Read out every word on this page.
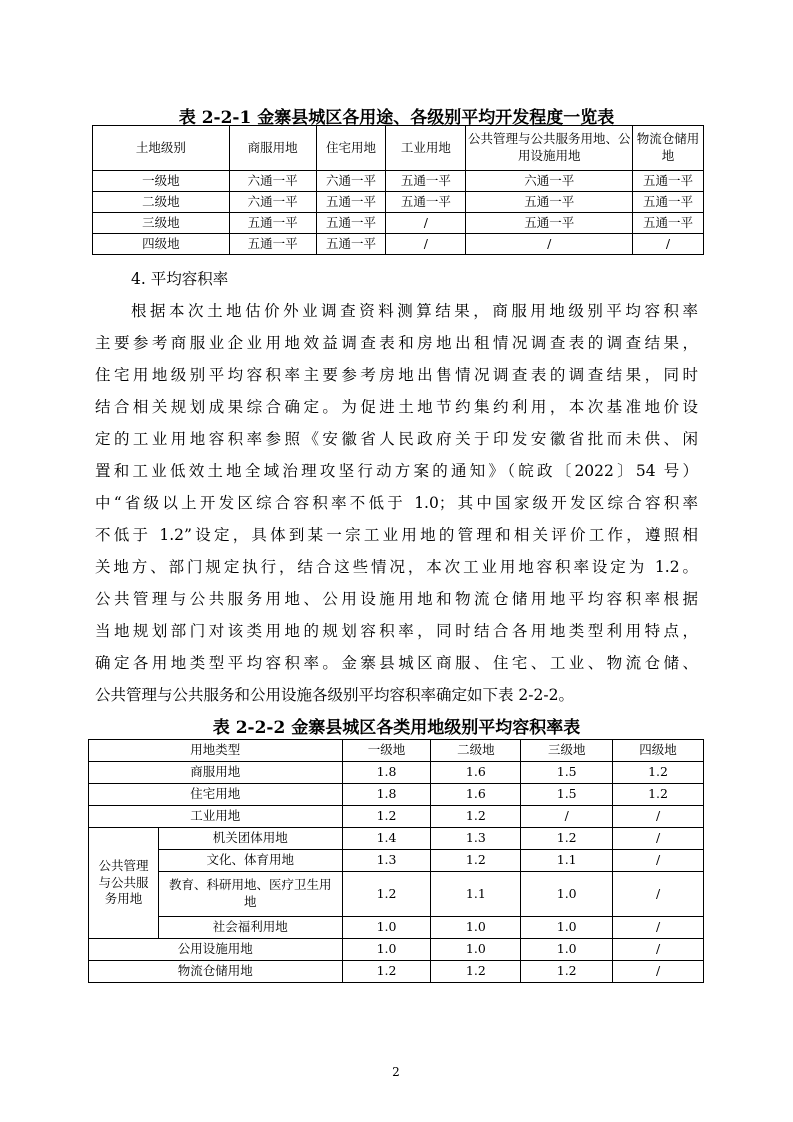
表 2-2-1 金寨县城区各用途、各级别平均开发程度一览表
土地级别	商服用地	住宅用地	工业用地	公共管理与公共服务用地、公用设施用地	物流仓储用地
一级地	六通一平	六通一平	五通一平	六通一平	五通一平
二级地	六通一平	五通一平	五通一平	五通一平	五通一平
三级地	五通一平	五通一平	/	五通一平	五通一平
四级地	五通一平	五通一平	/	/	/
4. 平均容积率
根据本次土地估价外业调查资料测算结果，商服用地级别平均容积率
主要参考商服业企业用地效益调查表和房地出租情况调查表的调查结果，
住宅用地级别平均容积率主要参考房地出售情况调查表的调查结果，同时
结合相关规划成果综合确定。为促进土地节约集约利用，本次基准地价设
定的工业用地容积率参照《安徽省人民政府关于印发安徽省批而未供、闲
置和工业低效土地全域治理攻坚行动方案的通知》（皖政〔2022〕54 号）
中“省级以上开发区综合容积率不低于 1.0；其中国家级开发区综合容积率
不低于 1.2”设定，具体到某一宗工业用地的管理和相关评价工作，遵照相
关地方、部门规定执行，结合这些情况，本次工业用地容积率设定为 1.2。
公共管理与公共服务用地、公用设施用地和物流仓储用地平均容积率根据
当地规划部门对该类用地的规划容积率，同时结合各用地类型利用特点，
确定各用地类型平均容积率。金寨县城区商服、住宅、工业、物流仓储、
公共管理与公共服务和公用设施各级别平均容积率确定如下表 2-2-2。
表 2-2-2 金寨县城区各类用地级别平均容积率表
用地类型		一级地	二级地	三级地	四级地
商服用地		1.8	1.6	1.5	1.2
住宅用地		1.8	1.6	1.5	1.2
工业用地		1.2	1.2	/	/
公共管理与公共服务用地	机关团体用地	1.4	1.3	1.2	/
	文化、体育用地	1.3	1.2	1.1	/
	教育、科研用地、医疗卫生用地	1.2	1.1	1.0	/
	社会福利用地	1.0	1.0	1.0	/
公用设施用地		1.0	1.0	1.0	/
物流仓储用地		1.2	1.2	1.2	/
2
